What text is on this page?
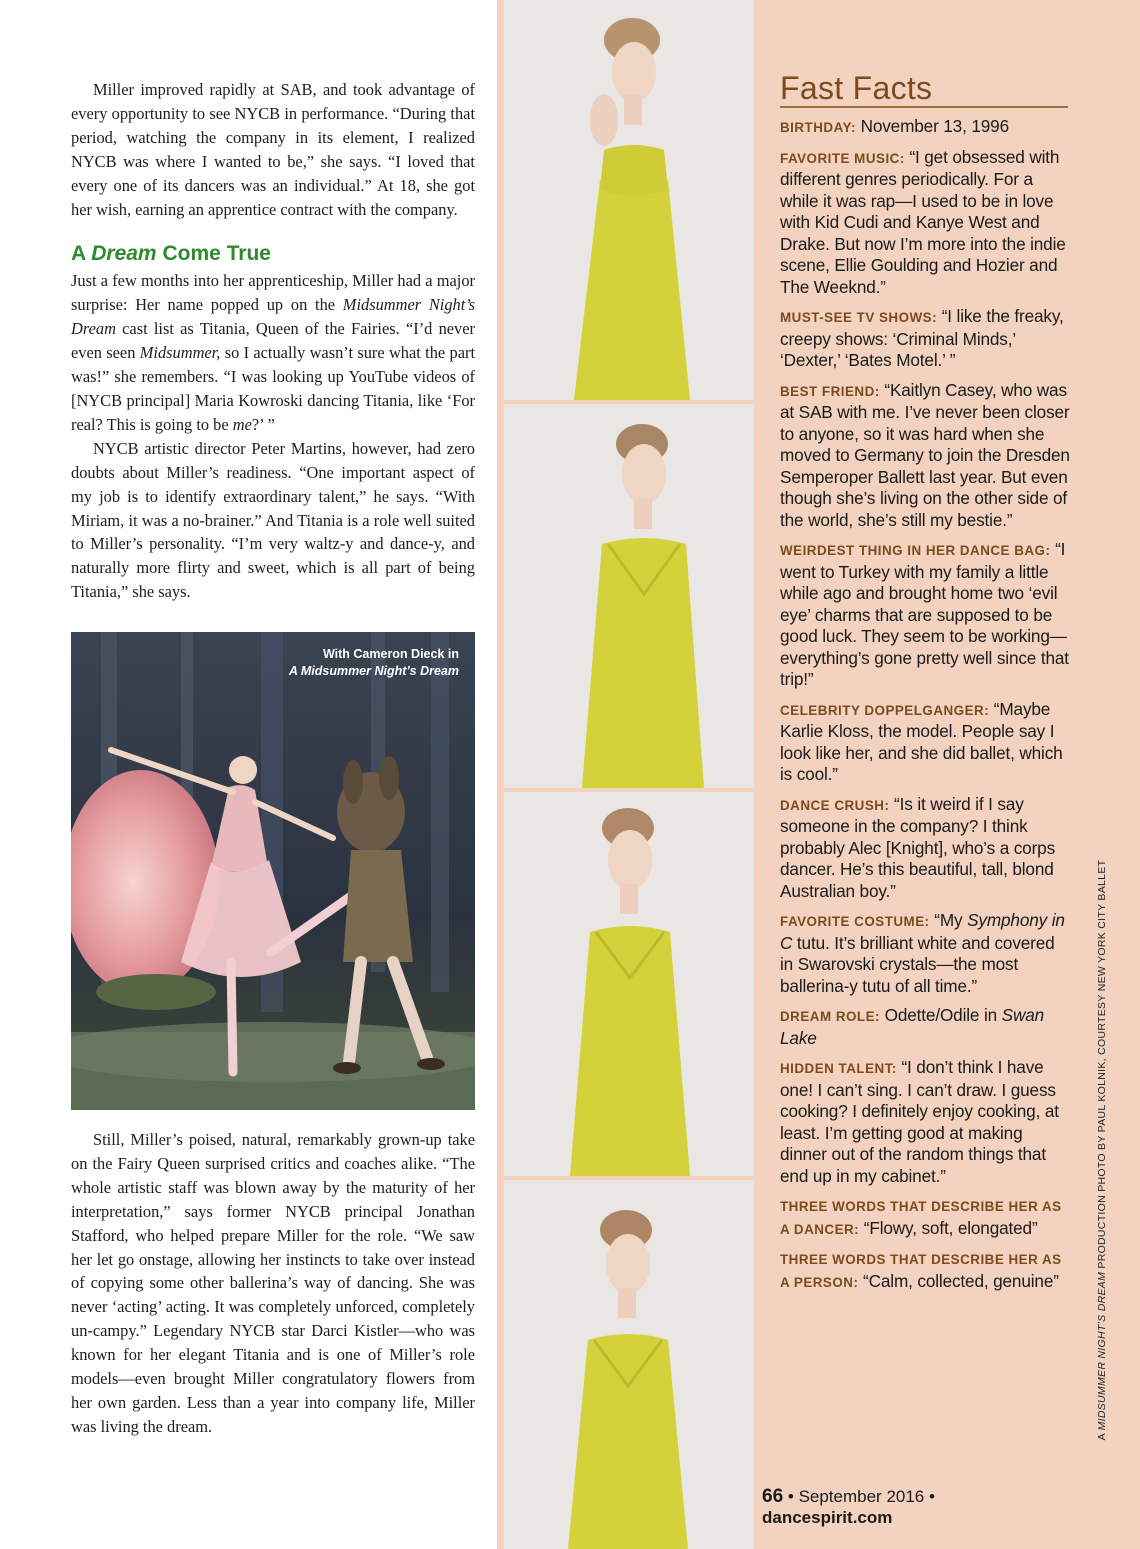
Miller improved rapidly at SAB, and took advantage of every opportunity to see NYCB in performance. “During that period, watching the company in its element, I realized NYCB was where I wanted to be,” she says. “I loved that every one of its dancers was an individual.” At 18, she got her wish, earning an apprentice contract with the company.

A Dream Come True

Just a few months into her apprenticeship, Miller had a major surprise: Her name popped up on the Midsummer Night’s Dream cast list as Titania, Queen of the Fairies. “I’d never even seen Midsummer, so I actually wasn’t sure what the part was!” she remembers. “I was looking up YouTube videos of [NYCB principal] Maria Kowroski dancing Titania, like ‘For real? This is going to be me?’ ”

NYCB artistic director Peter Martins, however, had zero doubts about Miller’s readiness. “One important aspect of my job is to identify extraordinary talent,” he says. “With Miriam, it was a no-brainer.” And Titania is a role well suited to Miller’s personality. “I’m very waltz-y and dance-y, and naturally more flirty and sweet, which is all part of being Titania,” she says.

With Cameron Dieck in
A Midsummer Night’s Dream

Still, Miller’s poised, natural, remarkably grown-up take on the Fairy Queen surprised critics and coaches alike. “The whole artistic staff was blown away by the maturity of her interpretation,” says former NYCB principal Jonathan Stafford, who helped prepare Miller for the role. “We saw her let go onstage, allowing her instincts to take over instead of copying some other ballerina’s way of dancing. She was never ‘acting’ acting. It was completely unforced, completely un-campy.” Legendary NYCB star Darci Kistler—who was known for her elegant Titania and is one of Miller’s role models—even brought Miller congratulatory flowers from her own garden. Less than a year into company life, Miller was living the dream.

Fast Facts
BIRTHDAY: November 13, 1996
FAVORITE MUSIC: “I get obsessed with different genres periodically. For a while it was rap—I used to be in love with Kid Cudi and Kanye West and Drake. But now I’m more into the indie scene, Ellie Goulding and Hozier and The Weeknd.”
MUST-SEE TV SHOWS: “I like the freaky, creepy shows: ‘Criminal Minds,’ ‘Dexter,’ ‘Bates Motel.’ ”
BEST FRIEND: “Kaitlyn Casey, who was at SAB with me. I’ve never been closer to anyone, so it was hard when she moved to Germany to join the Dresden Semperoper Ballett last year. But even though she’s living on the other side of the world, she’s still my bestie.”
WEIRDEST THING IN HER DANCE BAG: “I went to Turkey with my family a little while ago and brought home two ‘evil eye’ charms that are supposed to be good luck. They seem to be working—everything’s gone pretty well since that trip!”
CELEBRITY DOPPELGANGER: “Maybe Karlie Kloss, the model. People say I look like her, and she did ballet, which is cool.”
DANCE CRUSH: “Is it weird if I say someone in the company? I think probably Alec [Knight], who’s a corps dancer. He’s this beautiful, tall, blond Australian boy.”
FAVORITE COSTUME: “My Symphony in C tutu. It’s brilliant white and covered in Swarovski crystals—the most ballerina-y tutu of all time.”
DREAM ROLE: Odette/Odile in Swan Lake
HIDDEN TALENT: “I don’t think I have one! I can’t sing. I can’t draw. I guess cooking? I definitely enjoy cooking, at least. I’m getting good at making dinner out of the random things that end up in my cabinet.”
THREE WORDS THAT DESCRIBE HER AS A DANCER: “Flowy, soft, elongated”
THREE WORDS THAT DESCRIBE HER AS A PERSON: “Calm, collected, genuine”
A MIDSUMMER NIGHT’S DREAM PRODUCTION PHOTO BY PAUL KOLNIK, COURTESY NEW YORK CITY BALLET
66 • September 2016 • dancespirit.com
